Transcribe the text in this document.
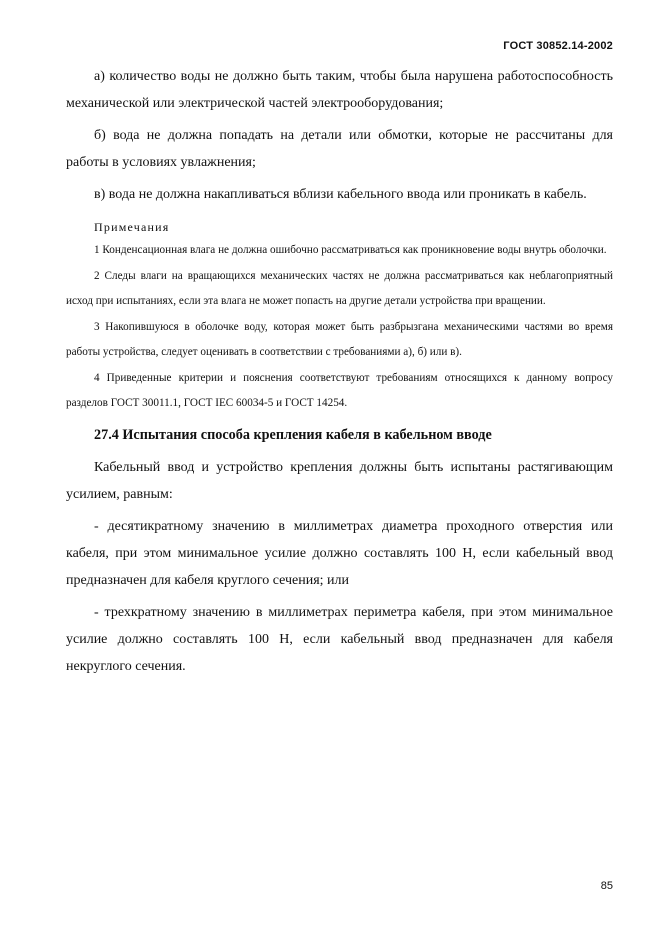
ГОСТ 30852.14-2002

а) количество воды не должно быть таким, чтобы была нарушена работоспособность механической или электрической частей электрооборудования;

б) вода не должна попадать на детали или обмотки, которые не рассчитаны для работы в условиях увлажнения;

в) вода не должна накапливаться вблизи кабельного ввода или проникать в кабель.

Примечания

1 Конденсационная влага не должна ошибочно рассматриваться как проникновение воды внутрь оболочки.

2 Следы влаги на вращающихся механических частях не должна рассматриваться как неблагоприятный исход при испытаниях, если эта влага не может попасть на другие детали устройства при вращении.

3 Накопившуюся в оболочке воду, которая может быть разбрызгана механическими частями во время работы устройства, следует оценивать в соответствии с требованиями а), б) или в).

4 Приведенные критерии и пояснения соответствуют требованиям относящихся к данному вопросу разделов ГОСТ 30011.1, ГОСТ IEC 60034-5 и ГОСТ 14254.

27.4 Испытания способа крепления кабеля в кабельном вводе

Кабельный ввод и устройство крепления должны быть испытаны растягивающим усилием, равным:

- десятикратному значению в миллиметрах диаметра проходного отверстия или кабеля, при этом минимальное усилие должно составлять 100 Н, если кабельный ввод предназначен для кабеля круглого сечения; или

- трехкратному значению в миллиметрах периметра кабеля, при этом минимальное усилие должно составлять 100 Н, если кабельный ввод предназначен для кабеля некруглого сечения.

85
